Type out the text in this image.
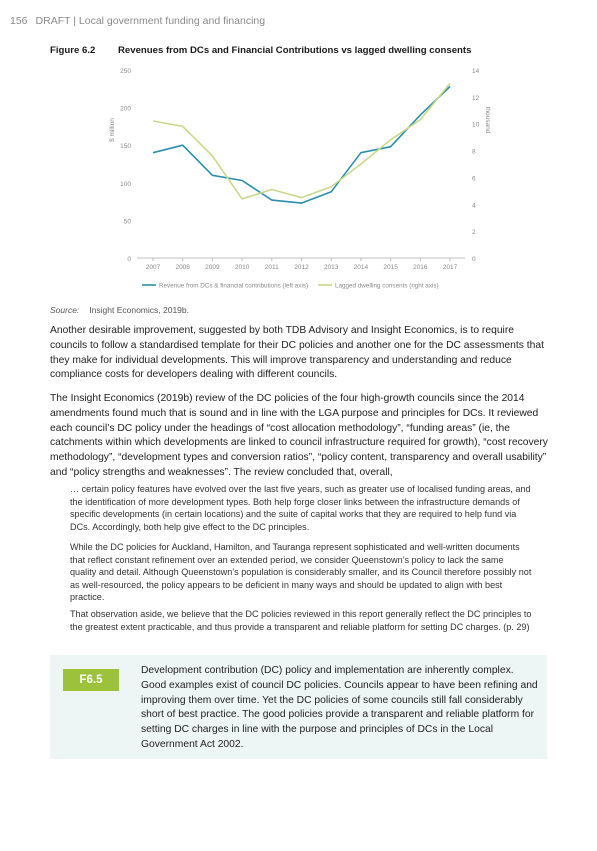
156 DRAFT | Local government funding and financing
Figure 6.2	Revenues from DCs and Financial Contributions vs lagged dwelling consents
0
50
100
150
200
250
0
2
4
6
8
10
12
14
$ million	thousand
2007 2008 2009 2010 2011 2012 2013 2014 2015 2016 2017
Revenue from DCs & financial contributions (left axis)	Lagged dwelling consents (right axis)
Source: Insight Economics, 2019b.

Another desirable improvement, suggested by both TDB Advisory and Insight Economics, is to require councils to follow a standardised template for their DC policies and another one for the DC assessments that they make for individual developments. This will improve transparency and understanding and reduce compliance costs for developers dealing with different councils.

The Insight Economics (2019b) review of the DC policies of the four high-growth councils since the 2014 amendments found much that is sound and in line with the LGA purpose and principles for DCs. It reviewed each council’s DC policy under the headings of “cost allocation methodology”, “funding areas” (ie, the catchments within which developments are linked to council infrastructure required for growth), “cost recovery methodology”, “development types and conversion ratios”, “policy content, transparency and overall usability” and “policy strengths and weaknesses”. The review concluded that, overall,

… certain policy features have evolved over the last five years, such as greater use of localised funding areas, and the identification of more development types. Both help forge closer links between the infrastructure demands of specific developments (in certain locations) and the suite of capital works that they are required to help fund via DCs. Accordingly, both help give effect to the DC principles.

While the DC policies for Auckland, Hamilton, and Tauranga represent sophisticated and well-written documents that reflect constant refinement over an extended period, we consider Queenstown’s policy to lack the same quality and detail. Although Queenstown’s population is considerably smaller, and its Council therefore possibly not as well-resourced, the policy appears to be deficient in many ways and should be updated to align with best practice.

That observation aside, we believe that the DC policies reviewed in this report generally reflect the DC principles to the greatest extent practicable, and thus provide a transparent and reliable platform for setting DC charges. (p. 29)

F6.5

Development contribution (DC) policy and implementation are inherently complex. Good examples exist of council DC policies. Councils appear to have been refining and improving them over time. Yet the DC policies of some councils still fall considerably short of best practice. The good policies provide a transparent and reliable platform for setting DC charges in line with the purpose and principles of DCs in the Local Government Act 2002.
